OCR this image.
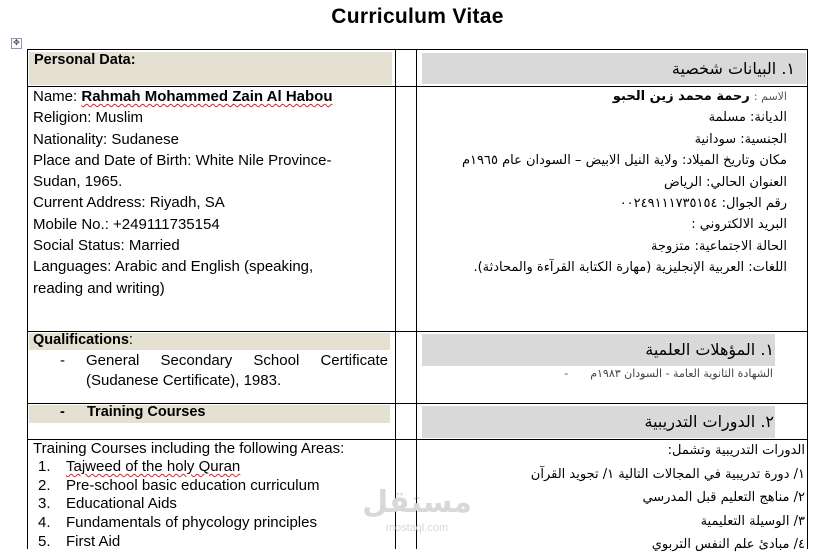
Curriculum Vitae
✥
Personal Data:	١. البيانات شخصية
Name: Rahmah Mohammed Zain Al Habou
Religion: Muslim
Nationality: Sudanese
Place and Date of Birth: White Nile Province-
Sudan, 1965.
Current Address: Riyadh, SA
Mobile No.: +249111735154
Social Status: Married
Languages: Arabic and English (speaking,
reading and writing)
الاسم : رحمة محمد زين الحبو
الديانة: مسلمة
الجنسية: سودانية
مكان وتاريخ الميلاد: ولاية النيل الابيض – السودان عام ١٩٦٥م
العنوان الحالي: الرياض
رقم الجوال: ٠٠٢٤٩١١١٧٣٥١٥٤
البريد الالكتروني :
الحالة الاجتماعية: متزوجة
اللغات: العربية الإنجليزية (مهارة الكتابة القرآءة والمحادثة).
Qualifications:
- General Secondary School Certificate
(Sudanese Certificate), 1983.
١. المؤهلات العلمية
الشهادة الثانوية العامة - السودان ١٩٨٣م-
- Training Courses	٢. الدورات التدريبية
Training Courses including the following Areas:
1. Tajweed of the holy Quran
2. Pre-school basic education curriculum
3. Educational Aids
4. Fundamentals of phycology principles
5. First Aid
الدورات التدريبية وتشمل:
١/ دورة تدريبية في المجالات التالية ١/ تجويد القرآن
٢/ مناهج التعليم قبل المدرسي
٣/ الوسيلة التعليمية
٤/ مبادئ علم النفس التربوي
مستقل
mostaql.com
